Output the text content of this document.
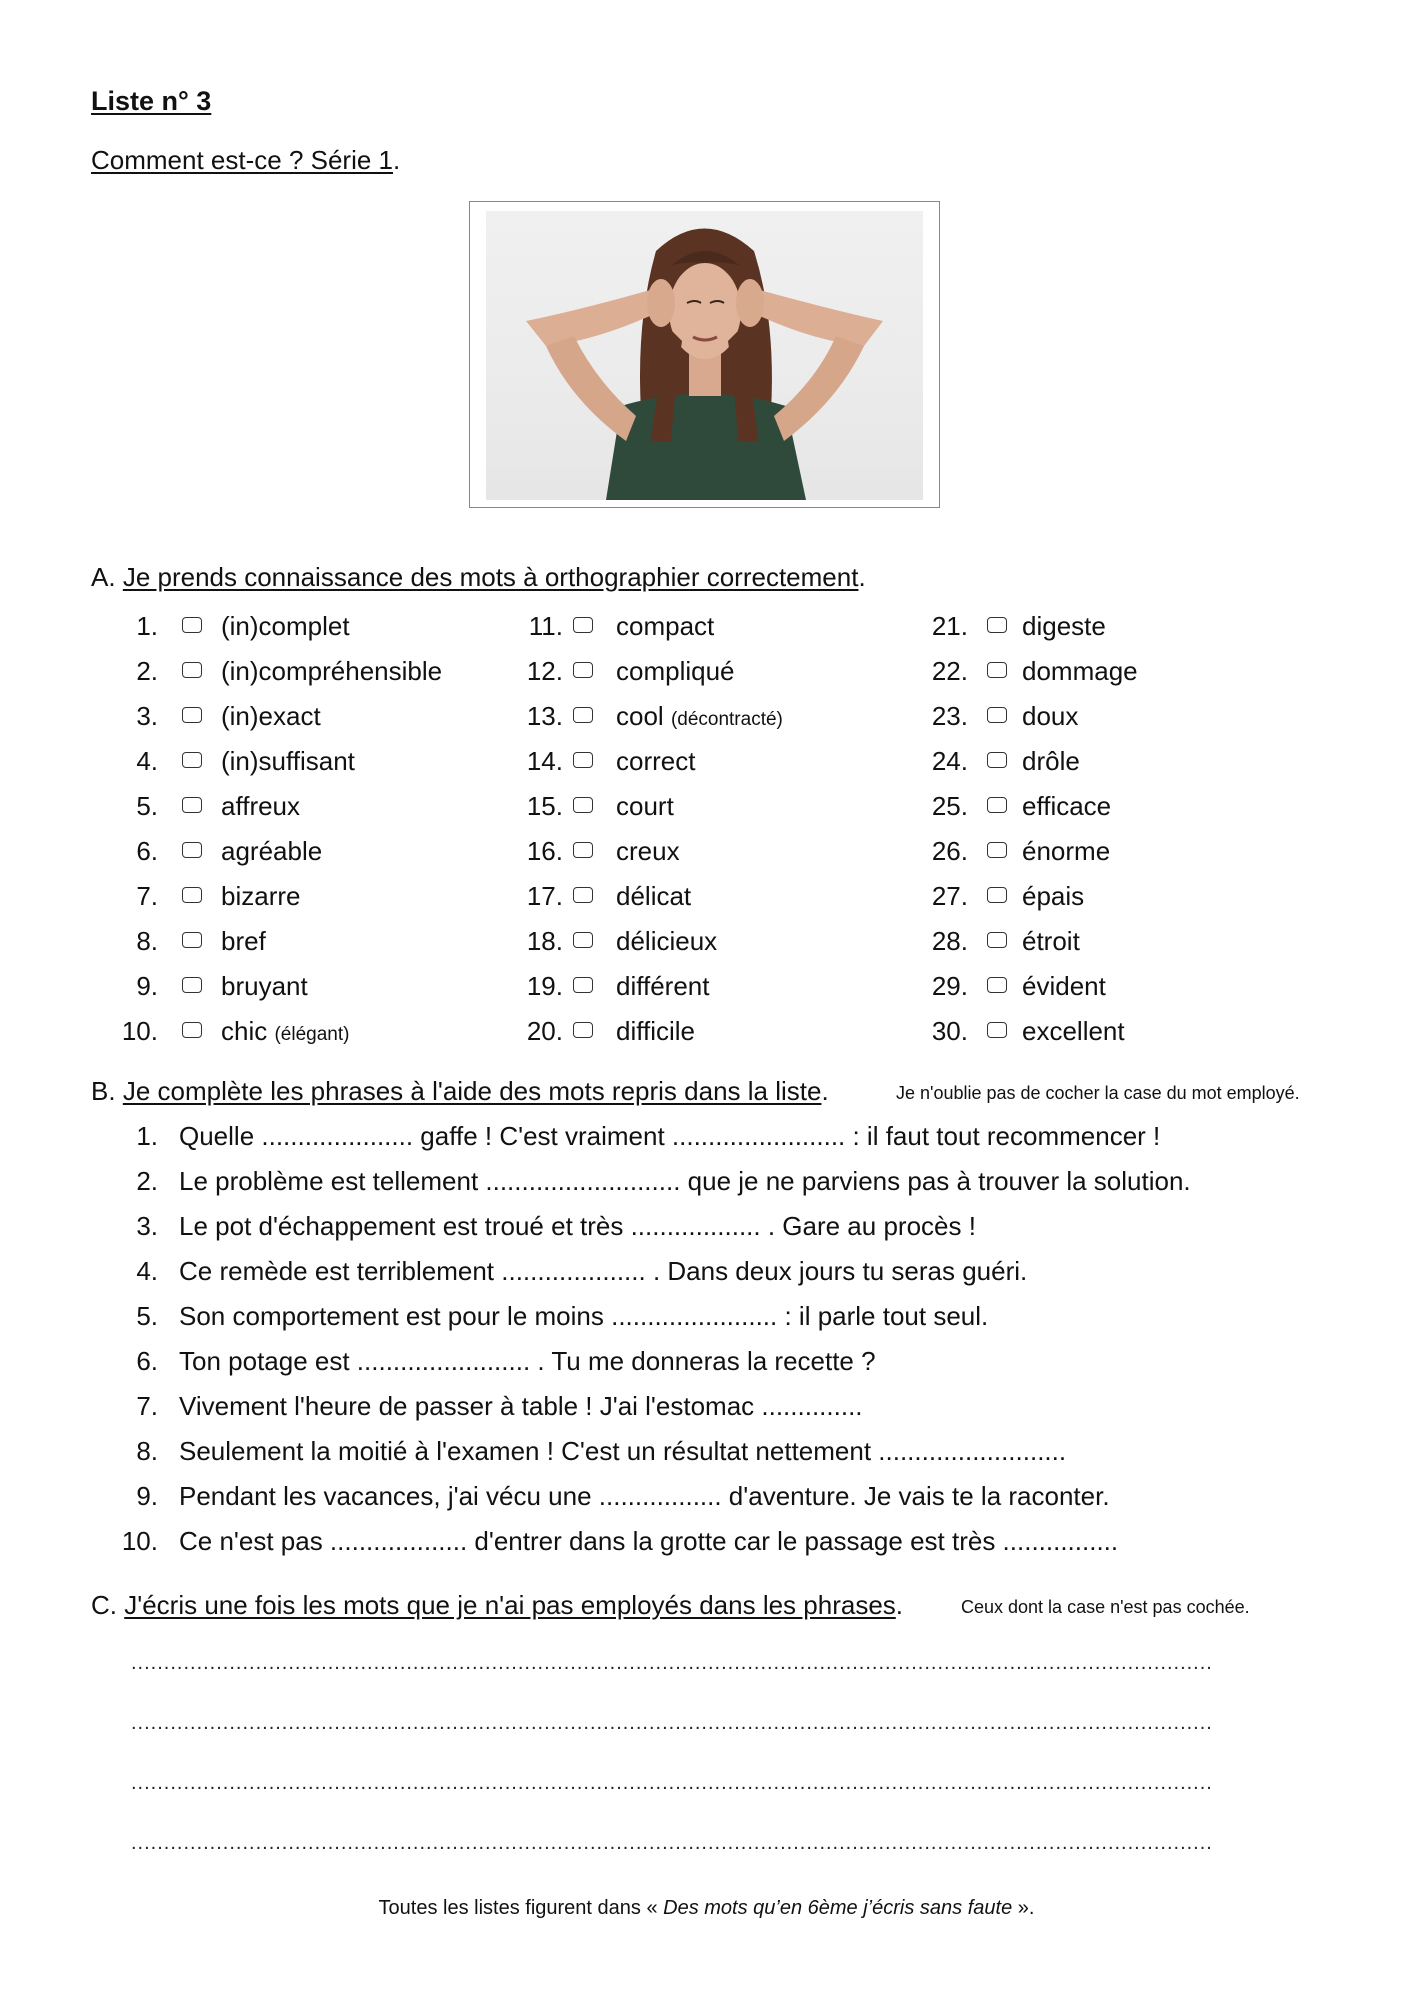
Liste n° 3
Comment est-ce ? Série 1.
A. Je prends connaissance des mots à orthographier correctement.
1. (in)complet
2. (in)compréhensible
3. (in)exact
4. (in)suffisant
5. affreux
6. agréable
7. bizarre
8. bref
9. bruyant
10. chic (élégant)
11. compact
12. compliqué
13. cool (décontracté)
14. correct
15. court
16. creux
17. délicat
18. délicieux
19. différent
20. difficile
21. digeste
22. dommage
23. doux
24. drôle
25. efficace
26. énorme
27. épais
28. étroit
29. évident
30. excellent
B. Je complète les phrases à l'aide des mots repris dans la liste.	Je n'oublie pas de cocher la case du mot employé.
1. Quelle ..................... gaffe ! C'est vraiment ........................ : il faut tout recommencer !
2. Le problème est tellement ........................... que je ne parviens pas à trouver la solution.
3. Le pot d'échappement est troué et très .................. . Gare au procès !
4. Ce remède est terriblement .................... . Dans deux jours tu seras guéri.
5. Son comportement est pour le moins ....................... : il parle tout seul.
6. Ton potage est ........................ . Tu me donneras la recette ?
7. Vivement l'heure de passer à table ! J'ai l'estomac ..............
8. Seulement la moitié à l'examen ! C'est un résultat nettement ..........................
9. Pendant les vacances, j'ai vécu une ................. d'aventure. Je vais te la raconter.
10. Ce n'est pas ................... d'entrer dans la grotte car le passage est très ................
C. J'écris une fois les mots que je n'ai pas employés dans les phrases.	Ceux dont la case n'est pas cochée.
.....................................................................................................................................................................
.....................................................................................................................................................................
.....................................................................................................................................................................
.....................................................................................................................................................................
Toutes les listes figurent dans « Des mots qu’en 6ème j’écris sans faute ».
